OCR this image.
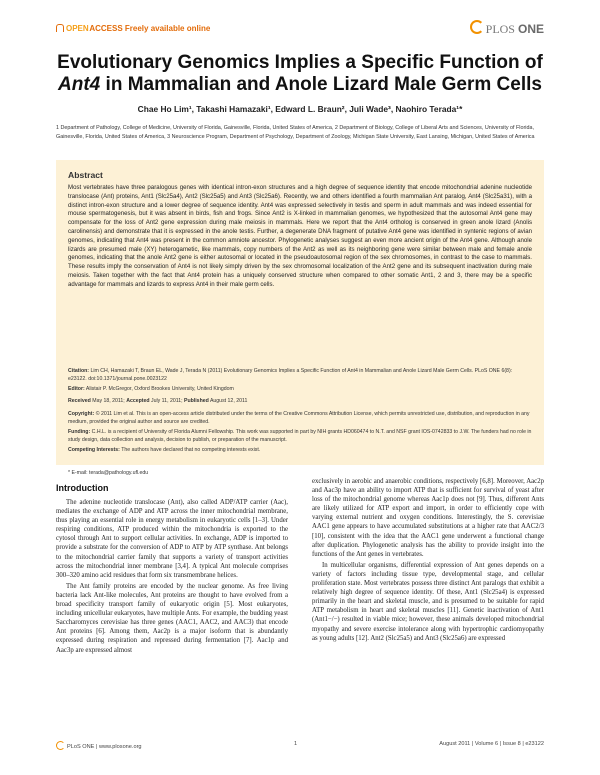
OPEN ACCESS Freely available online	PLOS ONE
Evolutionary Genomics Implies a Specific Function of
Ant4 in Mammalian and Anole Lizard Male Germ Cells
Chae Ho Lim¹, Takashi Hamazaki¹, Edward L. Braun², Juli Wade³, Naohiro Terada¹*
1 Department of Pathology, College of Medicine, University of Florida, Gainesville, Florida, United States of America, 2 Department of Biology, College of Liberal Arts and Sciences, University of Florida, Gainesville, Florida, United States of America, 3 Neuroscience Program, Department of Psychology, Department of Zoology, Michigan State University, East Lansing, Michigan, United States of America
Abstract

Most vertebrates have three paralogous genes with identical intron-exon structures and a high degree of sequence identity that encode mitochondrial adenine nucleotide translocase (Ant) proteins, Ant1 (Slc25a4), Ant2 (Slc25a5) and Ant3 (Slc25a6). Recently, we and others identified a fourth mammalian Ant paralog, Ant4 (Slc25a31), with a distinct intron-exon structure and a lower degree of sequence identity. Ant4 was expressed selectively in testis and sperm in adult mammals and was indeed essential for mouse spermatogenesis, but it was absent in birds, fish and frogs. Since Ant2 is X-linked in mammalian genomes, we hypothesized that the autosomal Ant4 gene may compensate for the loss of Ant2 gene expression during male meiosis in mammals. Here we report that the Ant4 ortholog is conserved in green anole lizard (Anolis carolinensis) and demonstrate that it is expressed in the anole testis. Further, a degenerate DNA fragment of putative Ant4 gene was identified in syntenic regions of avian genomes, indicating that Ant4 was present in the common amniote ancestor. Phylogenetic analyses suggest an even more ancient origin of the Ant4 gene. Although anole lizards are presumed male (XY) heterogametic, like mammals, copy numbers of the Ant2 as well as its neighboring gene were similar between male and female anole genomes, indicating that the anole Ant2 gene is either autosomal or located in the pseudoautosomal region of the sex chromosomes, in contrast to the case to mammals. These results imply the conservation of Ant4 is not likely simply driven by the sex chromosomal localization of the Ant2 gene and its subsequent inactivation during male meiosis. Taken together with the fact that Ant4 protein has a uniquely conserved structure when compared to other somatic Ant1, 2 and 3, there may be a specific advantage for mammals and lizards to express Ant4 in their male germ cells.

Citation: Lim CH, Hamazaki T, Braun EL, Wade J, Terada N (2011) Evolutionary Genomics Implies a Specific Function of Ant4 in Mammalian and Anole Lizard Male Germ Cells. PLoS ONE 6(8): e23122. doi:10.1371/journal.pone.0023122
Editor: Alistair P. McGregor, Oxford Brookes University, United Kingdom
Received May 18, 2011; Accepted July 11, 2011; Published August 12, 2011
Copyright: © 2011 Lim et al. This is an open-access article distributed under the terms of the Creative Commons Attribution License, which permits unrestricted use, distribution, and reproduction in any medium, provided the original author and source are credited.
Funding: C.H.L. is a recipient of University of Florida Alumni Fellowship. This work was supported in part by NIH grants HD060474 to N.T. and NSF grant IOS-0742833 to J.W. The funders had no role in study design, data collection and analysis, decision to publish, or preparation of the manuscript.
Competing Interests: The authors have declared that no competing interests exist.
* E-mail: terada@pathology.ufl.edu
Introduction

The adenine nucleotide translocase (Ant), also called ADP/ATP carrier (Aac), mediates the exchange of ADP and ATP across the inner mitochondrial membrane, thus playing an essential role in energy metabolism in eukaryotic cells [1–3]. Under respiring conditions, ATP produced within the mitochondria is exported to the cytosol through Ant to support cellular activities. In exchange, ADP is imported to provide a substrate for the conversion of ADP to ATP by ATP synthase. Ant belongs to the mitochondrial carrier family that supports a variety of transport activities across the mitochondrial inner membrane [3,4]. A typical Ant molecule comprises 300–320 amino acid residues that form six transmembrane helices.

The Ant family proteins are encoded by the nuclear genome. As free living bacteria lack Ant-like molecules, Ant proteins are thought to have evolved from a broad specificity transport family of eukaryotic origin [5]. Most eukaryotes, including unicellular eukaryotes, have multiple Ants. For example, the budding yeast Saccharomyces cerevisiae has three genes (AAC1, AAC2, and AAC3) that encode Ant proteins [6]. Among them, Aac2p is a major isoform that is abundantly expressed during respiration and repressed during fermentation [7]. Aac1p and Aac3p are expressed almost

exclusively in aerobic and anaerobic conditions, respectively [6,8]. Moreover, Aac2p and Aac3p have an ability to import ATP that is sufficient for survival of yeast after loss of the mitochondrial genome whereas Aac1p does not [9]. Thus, different Ants are likely utilized for ATP export and import, in order to efficiently cope with varying external nutrient and oxygen conditions. Interestingly, the S. cerevisiae AAC1 gene appears to have accumulated substitutions at a higher rate that AAC2/3 [10], consistent with the idea that the AAC1 gene underwent a functional change after duplication. Phylogenetic analysis has the ability to provide insight into the functions of the Ant genes in vertebrates.

In multicellular organisms, differential expression of Ant genes depends on a variety of factors including tissue type, developmental stage, and cellular proliferation state. Most vertebrates possess three distinct Ant paralogs that exhibit a relatively high degree of sequence identity. Of these, Ant1 (Slc25a4) is expressed primarily in the heart and skeletal muscle, and is presumed to be suitable for rapid ATP metabolism in heart and skeletal muscles [11]. Genetic inactivation of Ant1 (Ant1−/−) resulted in viable mice; however, these animals developed mitochondrial myopathy and severe exercise intolerance along with hypertrophic cardiomyopathy as young adults [12]. Ant2 (Slc25a5) and Ant3 (Slc25a6) are expressed

PLoS ONE | www.plosone.org	1	August 2011 | Volume 6 | Issue 8 | e23122
